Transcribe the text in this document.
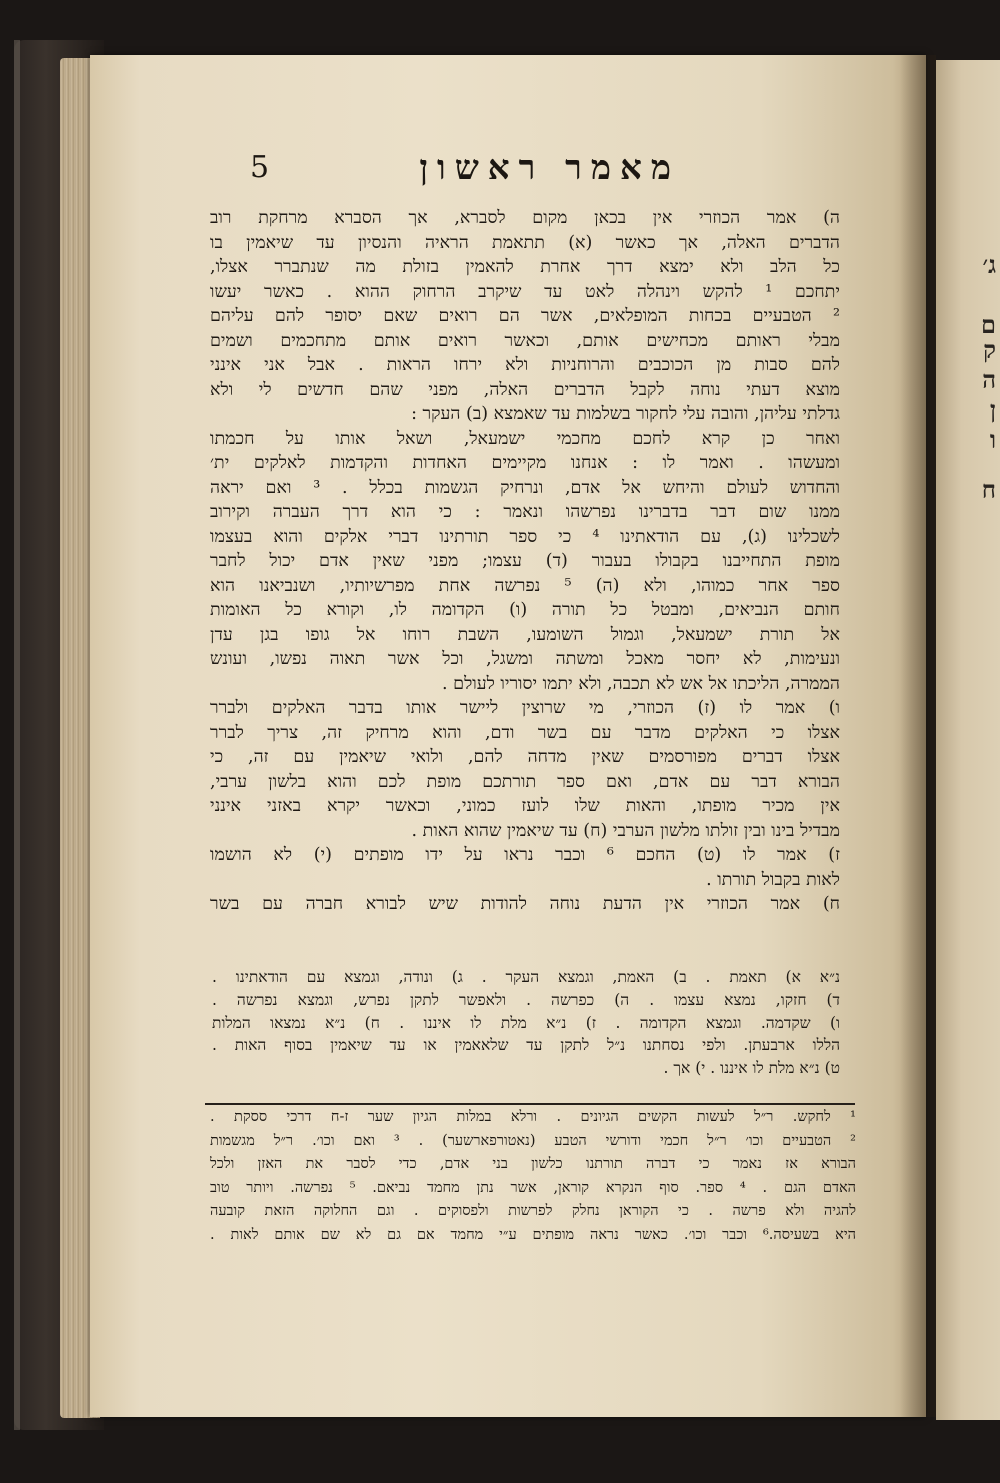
ג׳
ם
ק
ה
ן
ו
ח
5	מאמר ראשון
ה) אמר הכוזרי אין בכאן מקום לסברא, אך הסברא מרחקת רוב
הדברים האלה, אך כאשר (א) תתאמת הראיה והנסיון עד שיאמין בו
כל הלב ולא ימצא דרך אחרת להאמין בזולת מה שנתברר אצלו,
יתחכם ¹ להקש וינהלה לאט עד שיקרב הרחוק ההוא . כאשר יעשו
² הטבעיים בכחות המופלאים, אשר הם רואים שאם יסופר להם עליהם
מבלי ראותם מכחישים אותם, וכאשר רואים אותם מתחכמים ושמים
להם סבות מן הכוכבים והרוחניות ולא ירחו הראות . אבל אני אינני
מוצא דעתי נוחה לקבל הדברים האלה, מפני שהם חדשים לי ולא
גדלתי עליהן, והובה עלי לחקור בשלמות עד שאמצא (ב) העקר :
ואחר כן קרא לחכם מחכמי ישמעאל, ושאל אותו על חכמתו
ומעשהו . ואמר לו : אנחנו מקיימים האחדות והקדמות לאלקים ית׳
והחדוש לעולם והיחש אל אדם, ונרחיק הגשמות בכלל . ³ ואם יראה
ממנו שום דבר בדברינו נפרשהו ונאמר : כי הוא דרך העברה וקירוב
לשכלינו (ג), עם הודאתינו ⁴ כי ספר תורתינו דברי אלקים והוא בעצמו
מופת התחייבנו בקבולו בעבור (ד) עצמו; מפני שאין אדם יכול לחבר
ספר אחר כמוהו, ולא (ה) ⁵ נפרשה אחת מפרשיותיו, ושנביאנו הוא
חותם הנביאים, ומבטל כל תורה (ו) הקדומה לו, וקורא כל האומות
אל תורת ישמעאל, וגמול השומעו, השבת רוחו אל גופו בגן עדן
ונעימות, לא יחסר מאכל ומשתה ומשגל, וכל אשר תאוה נפשו, ועונש
הממרה, הליכתו אל אש לא תכבה, ולא יתמו יסוריו לעולם .
ו) אמר לו (ז) הכוזרי, מי שרוצין ליישר אותו בדבר האלקים ולברר
אצלו כי האלקים מדבר עם בשר ודם, והוא מרחיק זה, צריך לברר
אצלו דברים מפורסמים שאין מדחה להם, ולואי שיאמין עם זה, כי
הבורא דבר עם אדם, ואם ספר תורתכם מופת לכם והוא בלשון ערבי,
אין מכיר מופתו, והאות שלו לועז כמוני, וכאשר יקרא באזני אינני
מבדיל בינו ובין זולתו מלשון הערבי (ח) עד שיאמין שהוא האות .
ז) אמר לו (ט) החכם ⁶ וכבר נראו על ידו מופתים (י) לא הושמו
לאות בקבול תורתו .
ח) אמר הכוזרי אין הדעת נוחה להודות שיש לבורא חברה עם בשר
נ״א א) תאמת . ב) האמת, וגמצא העקר . ג) ונודה, וגמצא עם הודאתינו .
ד) חזקו, נמצא עצמו . ה) כפרשה . ולאפשר לתקן נפרש, וגמצא נפרשה .
ו) שקדמה. וגמצא הקדומה . ז) נ״א מלת לו איננו . ח) נ״א נמצאו המלות
הללו ארבעתן. ולפי נסחתנו נ״ל לתקן עד שלאאמין או עד שיאמין בסוף האות .
ט) נ״א מלת לו איננו . י) אך .
¹ לחקש. ר״ל לעשות הקשים הגיונים . ורלא במלות הגיון שער ז-ח דרכי ססקת .
² הטבעיים וכו׳ ר״ל חכמי ודורשי הטבע (נאטורפארשער) . ³ ואם וכו׳. ר״ל מגשמות
הבורא אז נאמר כי דברה תורתנו כלשון בני אדם, כדי לסבר את האזן ולכל
האדם הגם . ⁴ ספר. סוף הנקרא קוראן, אשר נתן מחמד נביאם. ⁵ נפרשה. ויותר טוב
להגיה ולא פרשה . כי הקוראן נחלק לפרשות ולפסוקים . וגם החלוקה הזאת קובעה
היא בשעיסה.⁶ וכבר וכו׳. כאשר נראה מופתים ע״י מחמד אם גם לא שם אותם לאות .
